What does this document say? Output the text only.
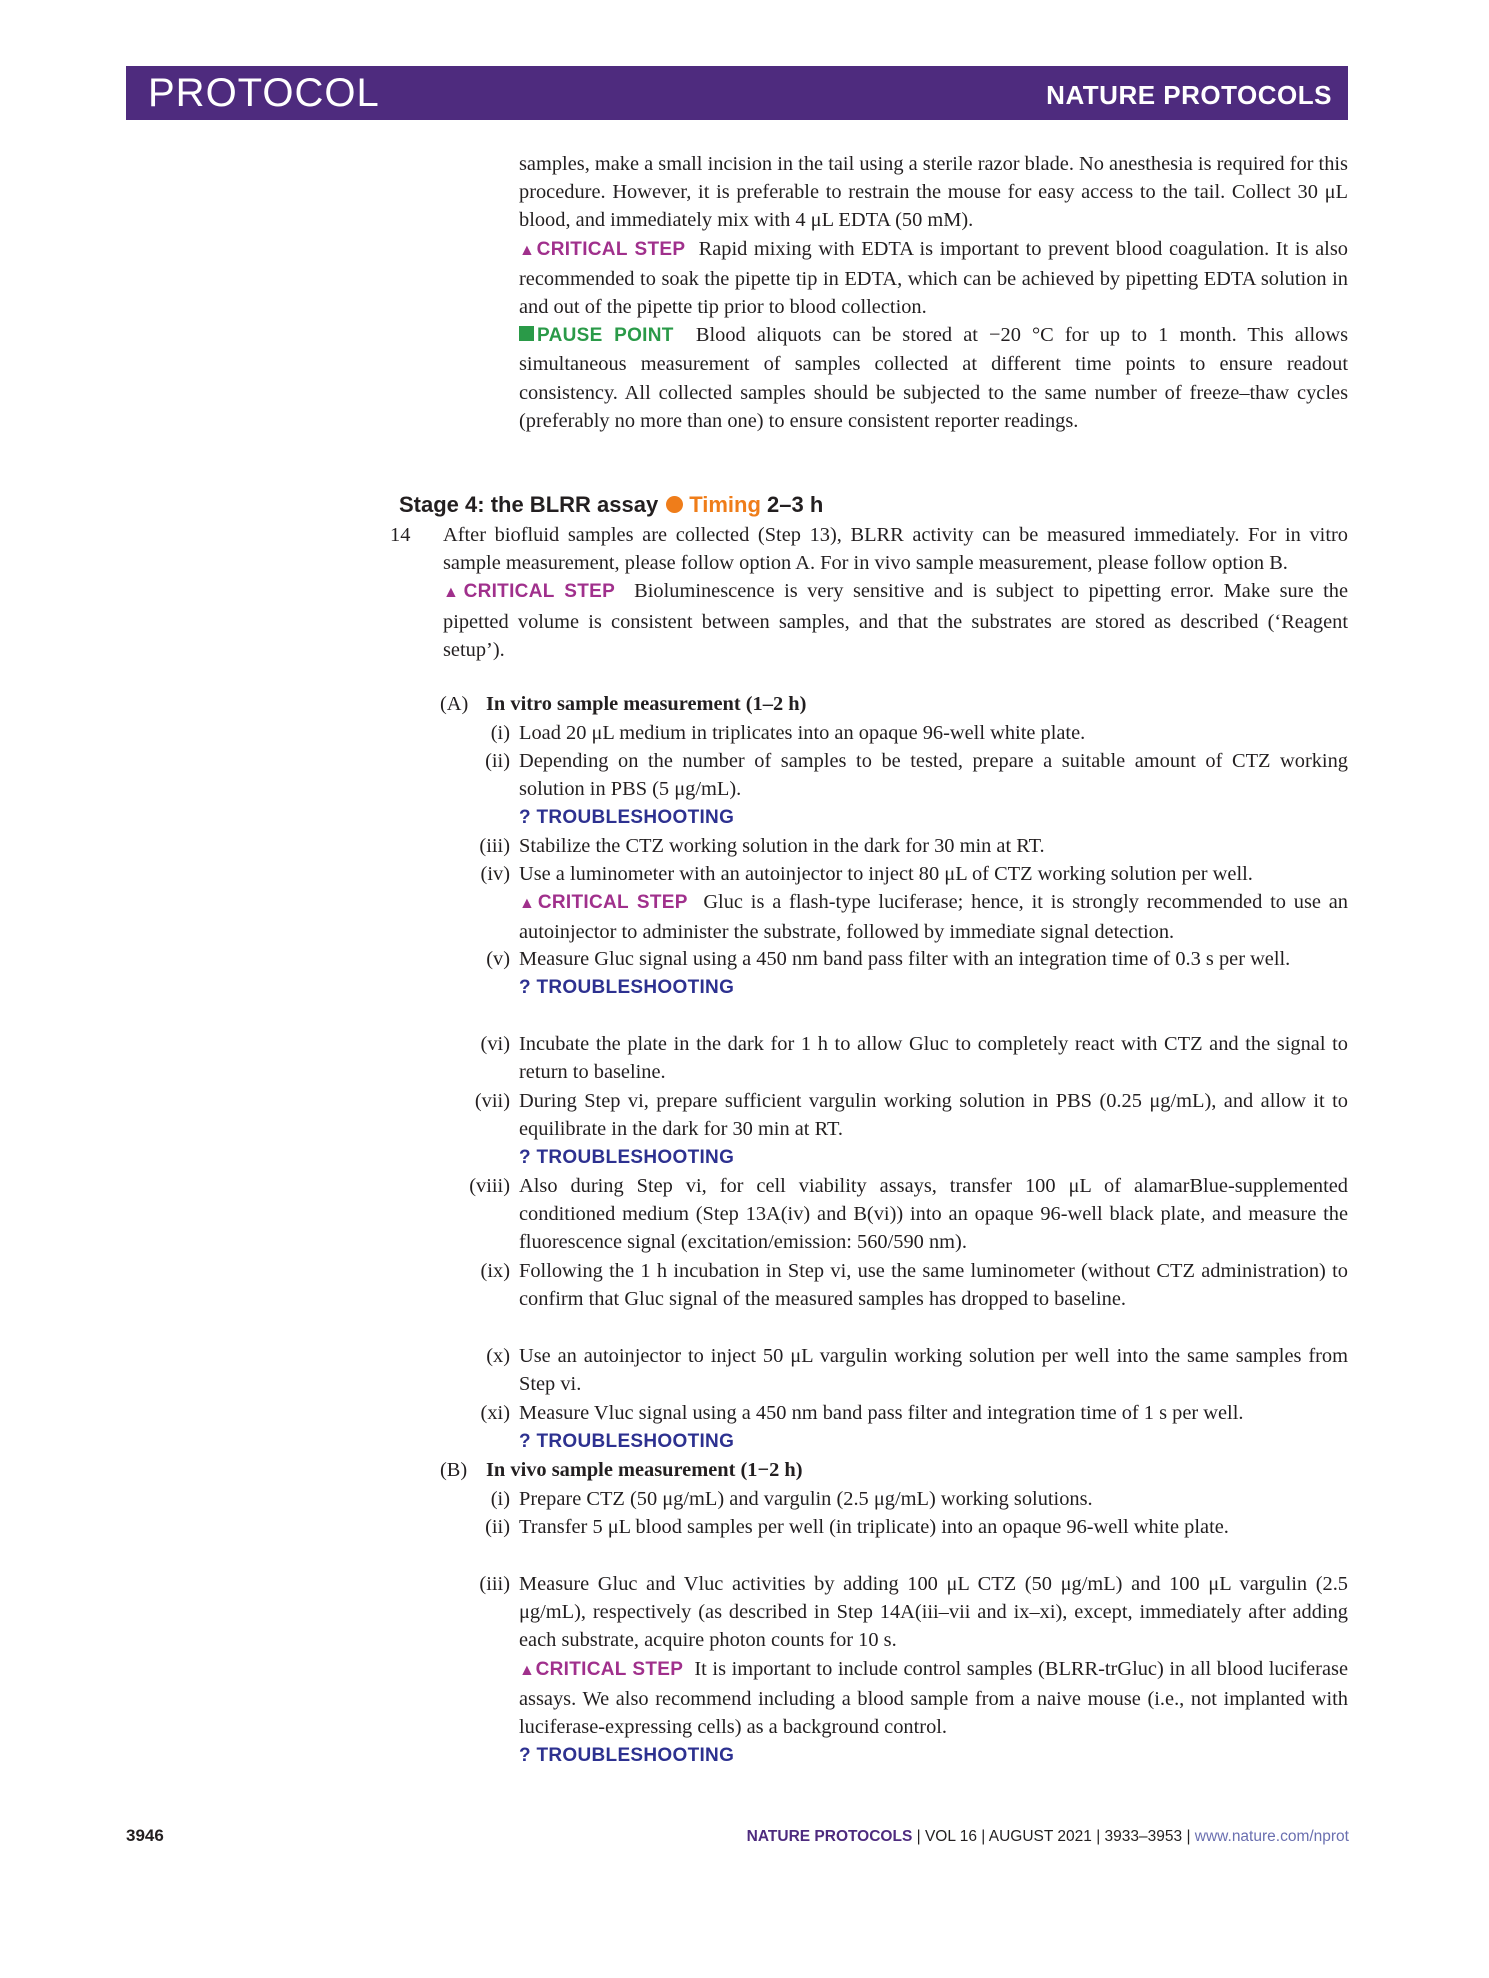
PROTOCOL	NATURE PROTOCOLS
samples, make a small incision in the tail using a sterile razor blade. No anesthesia is required for this procedure. However, it is preferable to restrain the mouse for easy access to the tail. Collect 30 μL blood, and immediately mix with 4 μL EDTA (50 mM).
▲CRITICAL STEP Rapid mixing with EDTA is important to prevent blood coagulation. It is also recommended to soak the pipette tip in EDTA, which can be achieved by pipetting EDTA solution in and out of the pipette tip prior to blood collection.
PAUSE POINT Blood aliquots can be stored at −20 °C for up to 1 month. This allows simultaneous measurement of samples collected at different time points to ensure readout consistency. All collected samples should be subjected to the same number of freeze–thaw cycles (preferably no more than one) to ensure consistent reporter readings.
Stage 4: the BLRR assay Timing 2–3 h
14	After biofluid samples are collected (Step 13), BLRR activity can be measured immediately. For in vitro sample measurement, please follow option A. For in vivo sample measurement, please follow option B.
▲CRITICAL STEP Bioluminescence is very sensitive and is subject to pipetting error. Make sure the pipetted volume is consistent between samples, and that the substrates are stored as described (‘Reagent setup’).
(A) In vitro sample measurement (1–2 h)
(i) Load 20 μL medium in triplicates into an opaque 96-well white plate.
(ii) Depending on the number of samples to be tested, prepare a suitable amount of CTZ working solution in PBS (5 μg/mL).
? TROUBLESHOOTING
(iii) Stabilize the CTZ working solution in the dark for 30 min at RT.
(iv) Use a luminometer with an autoinjector to inject 80 μL of CTZ working solution per well.
▲CRITICAL STEP Gluc is a flash-type luciferase; hence, it is strongly recommended to use an autoinjector to administer the substrate, followed by immediate signal detection.
(v) Measure Gluc signal using a 450 nm band pass filter with an integration time of 0.3 s per well.
? TROUBLESHOOTING
(vi) Incubate the plate in the dark for 1 h to allow Gluc to completely react with CTZ and the signal to return to baseline.
(vii) During Step vi, prepare sufficient vargulin working solution in PBS (0.25 μg/mL), and allow it to equilibrate in the dark for 30 min at RT.
? TROUBLESHOOTING
(viii) Also during Step vi, for cell viability assays, transfer 100 μL of alamarBlue-supplemented conditioned medium (Step 13A(iv) and B(vi)) into an opaque 96-well black plate, and measure the fluorescence signal (excitation/emission: 560/590 nm).
(ix) Following the 1 h incubation in Step vi, use the same luminometer (without CTZ administration) to confirm that Gluc signal of the measured samples has dropped to baseline.
(x) Use an autoinjector to inject 50 μL vargulin working solution per well into the same samples from Step vi.
(xi) Measure Vluc signal using a 450 nm band pass filter and integration time of 1 s per well.
? TROUBLESHOOTING
(B) In vivo sample measurement (1−2 h)
(i) Prepare CTZ (50 μg/mL) and vargulin (2.5 μg/mL) working solutions.
(ii) Transfer 5 μL blood samples per well (in triplicate) into an opaque 96-well white plate.
(iii) Measure Gluc and Vluc activities by adding 100 μL CTZ (50 μg/mL) and 100 μL vargulin (2.5 μg/mL), respectively (as described in Step 14A(iii–vii and ix–xi), except, immediately after adding each substrate, acquire photon counts for 10 s.
▲CRITICAL STEP It is important to include control samples (BLRR-trGluc) in all blood luciferase assays. We also recommend including a blood sample from a naive mouse (i.e., not implanted with luciferase-expressing cells) as a background control.
? TROUBLESHOOTING
3946	NATURE PROTOCOLS | VOL 16 | AUGUST 2021 | 3933–3953 | www.nature.com/nprot
